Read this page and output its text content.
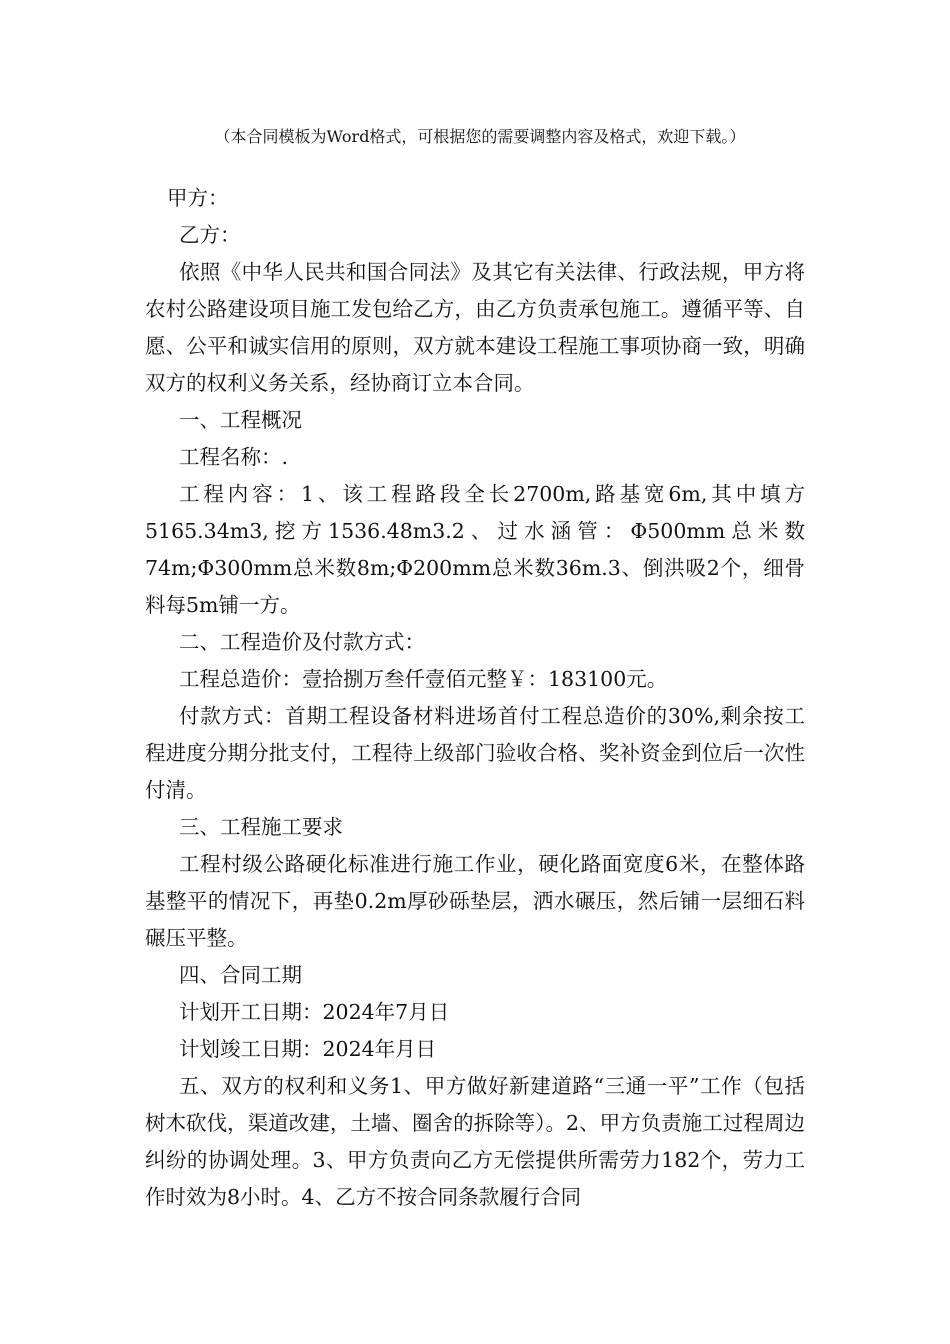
（本合同模板为Word格式，可根据您的需要调整内容及格式，欢迎下载。）

甲方：

乙方：

依照《中华人民共和国合同法》及其它有关法律、行政法规，甲方将农村公路建设项目施工发包给乙方，由乙方负责承包施工。遵循平等、自愿、公平和诚实信用的原则，双方就本建设工程施工事项协商一致，明确双方的权利义务关系，经协商订立本合同。

一、工程概况

工程名称：.

工程内容：1、该工程路段全长2700m,路基宽6m,其中填方5165.34m3,挖方1536.48m3.2、过水涵管：Φ500mm总米数74m;Φ300mm总米数8m;Φ200mm总米数36m.3、倒洪吸2个，细骨料每5m铺一方。

二、工程造价及付款方式：

工程总造价：壹拾捌万叁仟壹佰元整￥：183100元。

付款方式：首期工程设备材料进场首付工程总造价的30%,剩余按工程进度分期分批支付，工程待上级部门验收合格、奖补资金到位后一次性付清。

三、工程施工要求

工程村级公路硬化标准进行施工作业，硬化路面宽度6米，在整体路基整平的情况下，再垫0.2m厚砂砾垫层，洒水碾压，然后铺一层细石料碾压平整。

四、合同工期

计划开工日期：2024年7月日

计划竣工日期：2024年月日

五、双方的权利和义务1、甲方做好新建道路“三通一平”工作（包括树木砍伐，渠道改建，土墙、圈舍的拆除等）。2、甲方负责施工过程周边纠纷的协调处理。3、甲方负责向乙方无偿提供所需劳力182个，劳力工作时效为8小时。4、乙方不按合同条款履行合同
